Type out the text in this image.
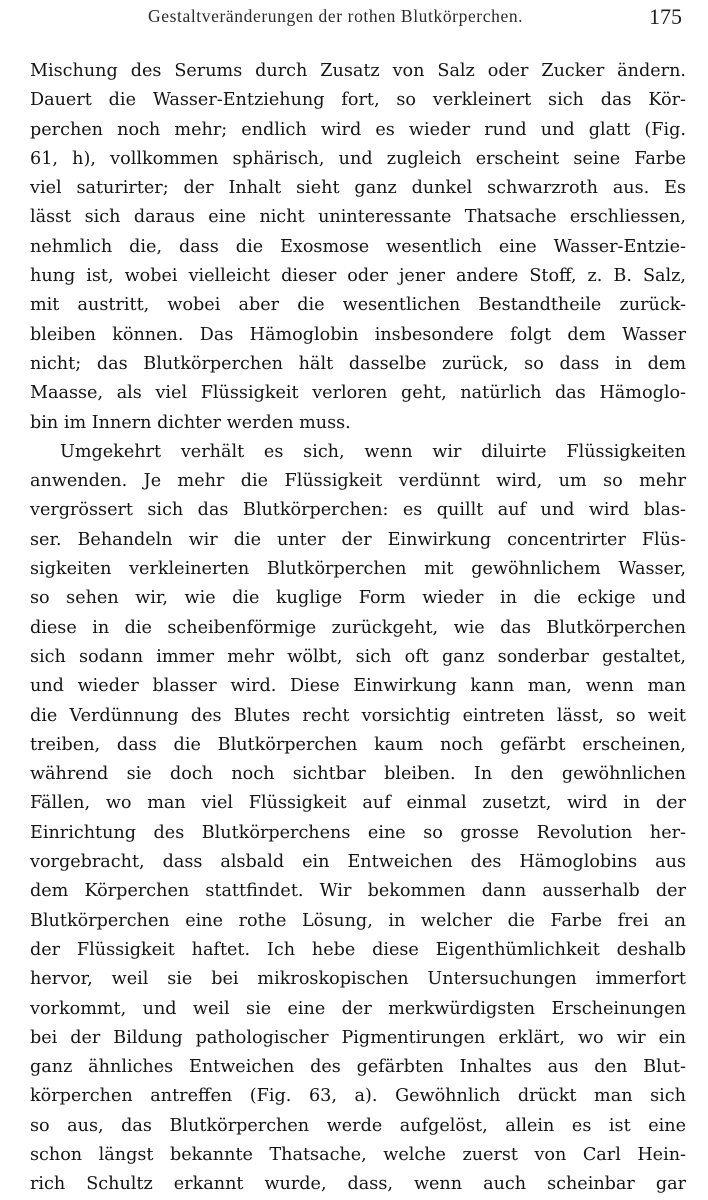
Gestaltveränderungen der rothen Blutkörperchen.	175
Mischung des Serums durch Zusatz von Salz oder Zucker ändern.
Dauert die Wasser-Entziehung fort, so verkleinert sich das Kör-
perchen noch mehr; endlich wird es wieder rund und glatt (Fig.
61, h), vollkommen sphärisch, und zugleich erscheint seine Farbe
viel saturirter; der Inhalt sieht ganz dunkel schwarzroth aus. Es
lässt sich daraus eine nicht uninteressante Thatsache erschliessen,
nehmlich die, dass die Exosmose wesentlich eine Wasser-Entzie-
hung ist, wobei vielleicht dieser oder jener andere Stoff, z. B. Salz,
mit austritt, wobei aber die wesentlichen Bestandtheile zurück-
bleiben können. Das Hämoglobin insbesondere folgt dem Wasser
nicht; das Blutkörperchen hält dasselbe zurück, so dass in dem
Maasse, als viel Flüssigkeit verloren geht, natürlich das Hämoglo-
bin im Innern dichter werden muss.
Umgekehrt verhält es sich, wenn wir diluirte Flüssigkeiten
anwenden. Je mehr die Flüssigkeit verdünnt wird, um so mehr
vergrössert sich das Blutkörperchen: es quillt auf und wird blas-
ser. Behandeln wir die unter der Einwirkung concentrirter Flüs-
sigkeiten verkleinerten Blutkörperchen mit gewöhnlichem Wasser,
so sehen wir, wie die kuglige Form wieder in die eckige und
diese in die scheibenförmige zurückgeht, wie das Blutkörperchen
sich sodann immer mehr wölbt, sich oft ganz sonderbar gestaltet,
und wieder blasser wird. Diese Einwirkung kann man, wenn man
die Verdünnung des Blutes recht vorsichtig eintreten lässt, so weit
treiben, dass die Blutkörperchen kaum noch gefärbt erscheinen,
während sie doch noch sichtbar bleiben. In den gewöhnlichen
Fällen, wo man viel Flüssigkeit auf einmal zusetzt, wird in der
Einrichtung des Blutkörperchens eine so grosse Revolution her-
vorgebracht, dass alsbald ein Entweichen des Hämoglobins aus
dem Körperchen stattfindet. Wir bekommen dann ausserhalb der
Blutkörperchen eine rothe Lösung, in welcher die Farbe frei an
der Flüssigkeit haftet. Ich hebe diese Eigenthümlichkeit deshalb
hervor, weil sie bei mikroskopischen Untersuchungen immerfort
vorkommt, und weil sie eine der merkwürdigsten Erscheinungen
bei der Bildung pathologischer Pigmentirungen erklärt, wo wir ein
ganz ähnliches Entweichen des gefärbten Inhaltes aus den Blut-
körperchen antreffen (Fig. 63, a). Gewöhnlich drückt man sich
so aus, das Blutkörperchen werde aufgelöst, allein es ist eine
schon längst bekannte Thatsache, welche zuerst von Carl Hein-
rich Schultz erkannt wurde, dass, wenn auch scheinbar gar
